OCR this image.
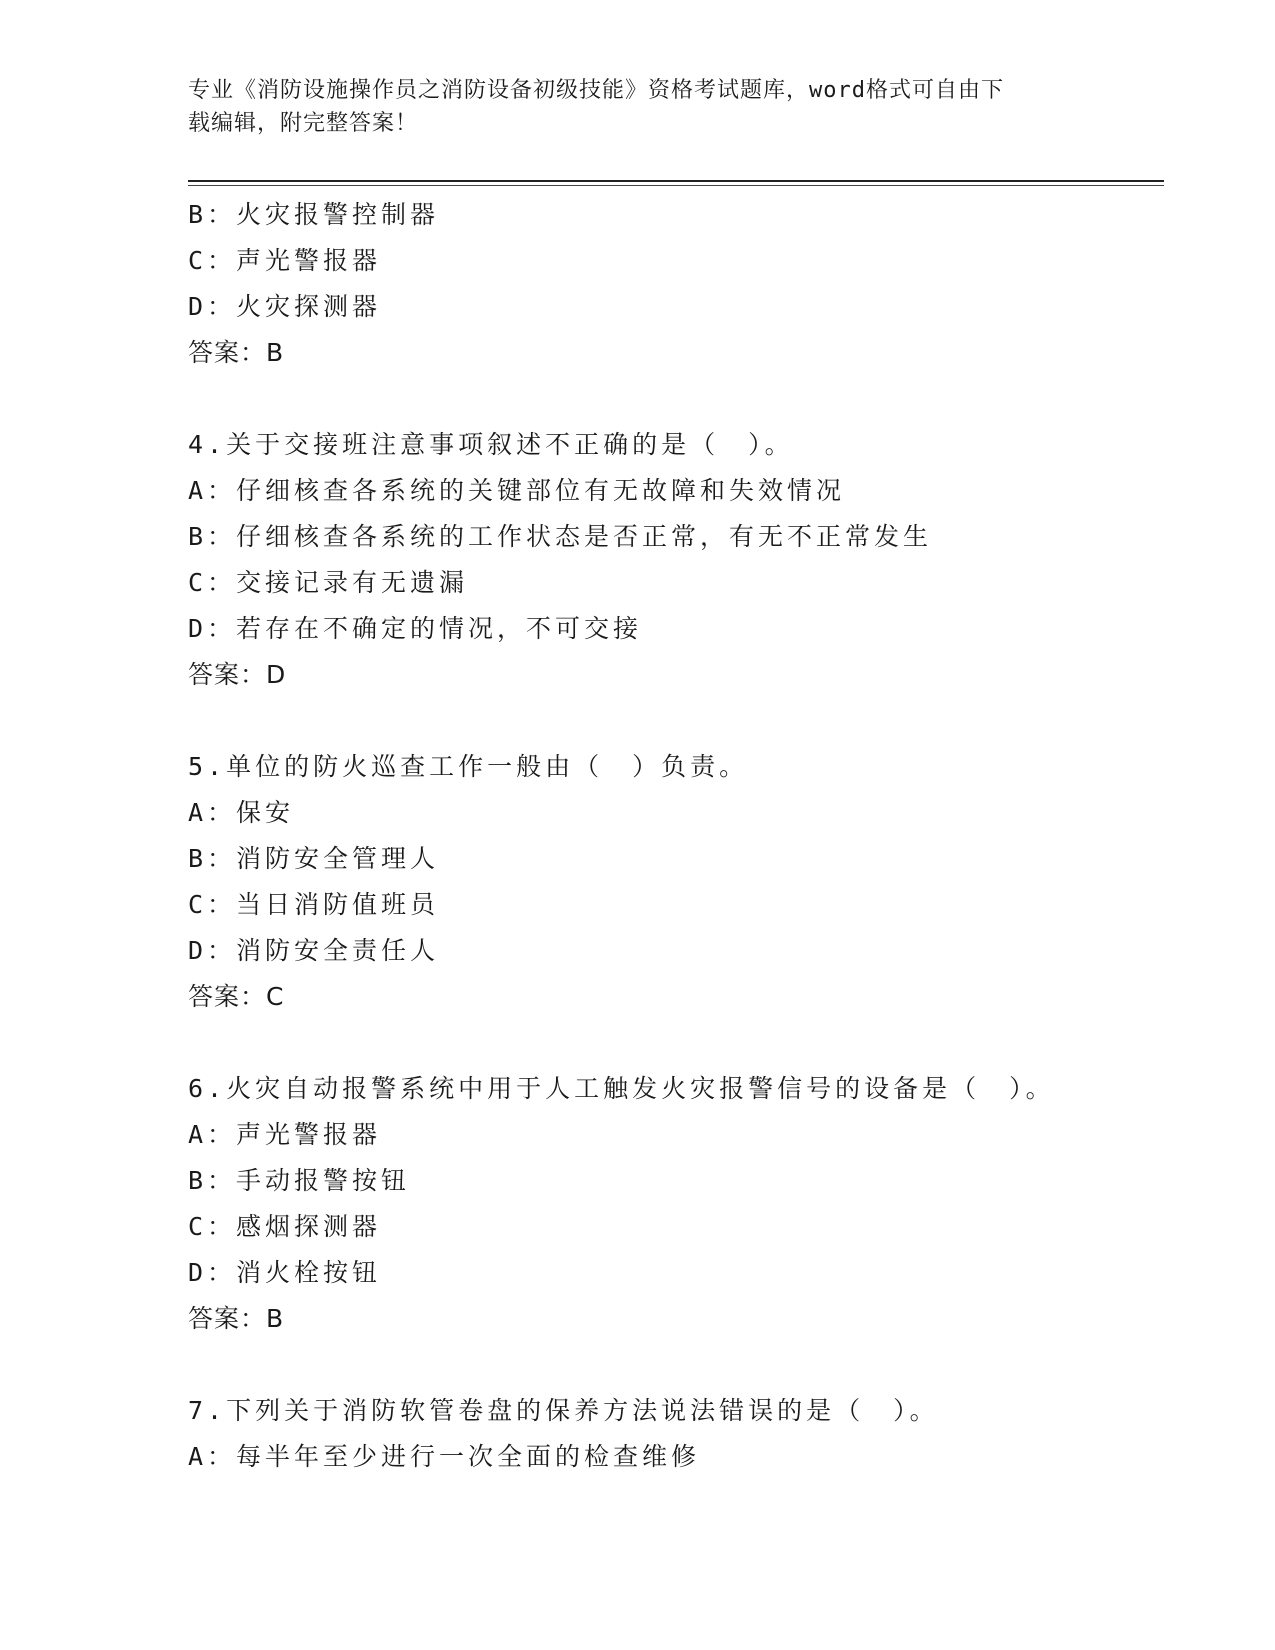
专业《消防设施操作员之消防设备初级技能》资格考试题库，word格式可自由下
载编辑，附完整答案！
B：火灾报警控制器
C：声光警报器
D：火灾探测器
答案：B
4.关于交接班注意事项叙述不正确的是（　）。
A：仔细核查各系统的关键部位有无故障和失效情况
B：仔细核查各系统的工作状态是否正常，有无不正常发生
C：交接记录有无遗漏
D：若存在不确定的情况，不可交接
答案：D
5.单位的防火巡查工作一般由（　）负责。
A：保安
B：消防安全管理人
C：当日消防值班员
D：消防安全责任人
答案：C
6.火灾自动报警系统中用于人工触发火灾报警信号的设备是（　）。
A：声光警报器
B：手动报警按钮
C：感烟探测器
D：消火栓按钮
答案：B
7.下列关于消防软管卷盘的保养方法说法错误的是（　）。
A：每半年至少进行一次全面的检查维修
